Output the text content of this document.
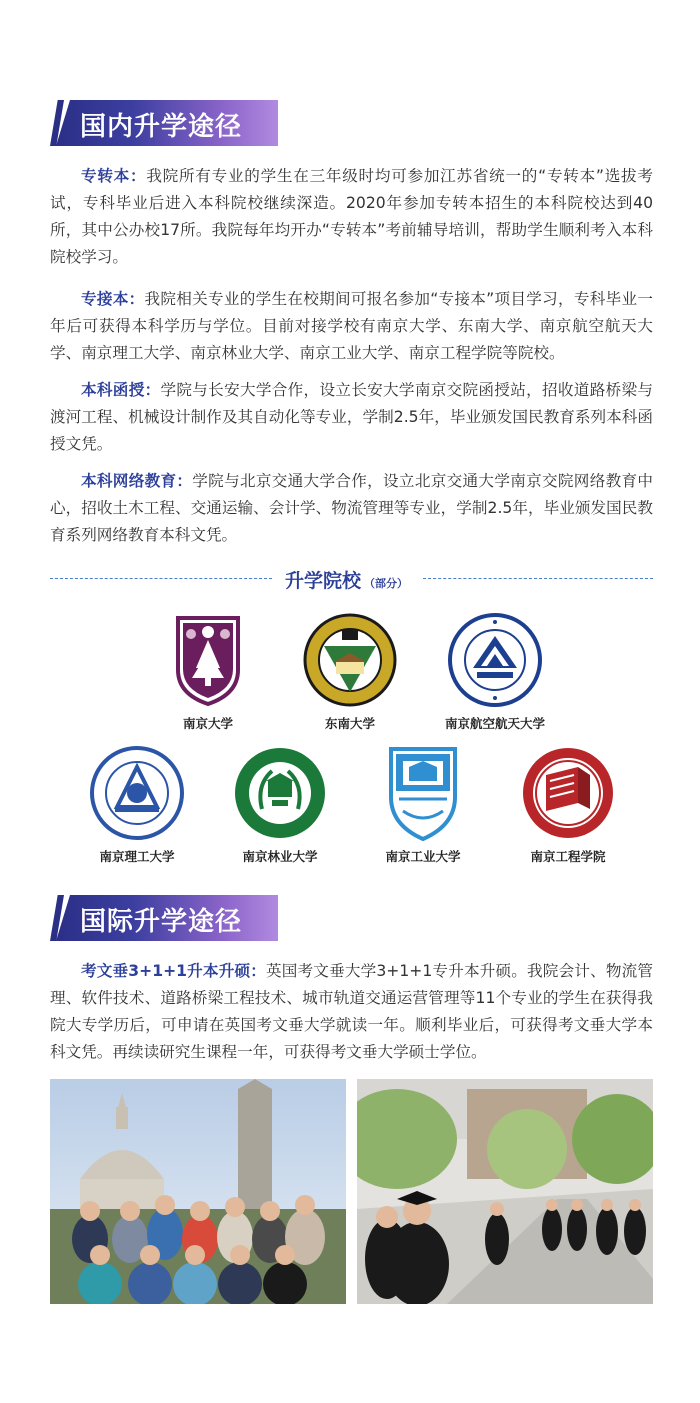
国内升学途径

专转本：我院所有专业的学生在三年级时均可参加江苏省统一的“专转本”选拔考试，专科毕业后进入本科院校继续深造。2020年参加专转本招生的本科院校达到40所，其中公办校17所。我院每年均开办“专转本”考前辅导培训，帮助学生顺利考入本科院校学习。

专接本：我院相关专业的学生在校期间可报名参加“专接本”项目学习，专科毕业一年后可获得本科学历与学位。目前对接学校有南京大学、东南大学、南京航空航天大学、南京理工大学、南京林业大学、南京工业大学、南京工程学院等院校。

本科函授：学院与长安大学合作，设立长安大学南京交院函授站，招收道路桥梁与渡河工程、机械设计制作及其自动化等专业，学制2.5年，毕业颁发国民教育系列本科函授文凭。

本科网络教育：学院与北京交通大学合作，设立北京交通大学南京交院网络教育中心，招收土木工程、交通运输、会计学、物流管理等专业，学制2.5年，毕业颁发国民教育系列网络教育本科文凭。

升学院校 （部分）
南京大学	东南大学	南京航空航天大学
南京理工大学	南京林业大学	南京工业大学	南京工程学院
国际升学途径

考文垂3+1+1升本升硕：英国考文垂大学3+1+1专升本升硕。我院会计、物流管理、软件技术、道路桥梁工程技术、城市轨道交通运营管理等11个专业的学生在获得我院大专学历后，可申请在英国考文垂大学就读一年。顺利毕业后，可获得考文垂大学本科文凭。再续读研究生课程一年，可获得考文垂大学硕士学位。
